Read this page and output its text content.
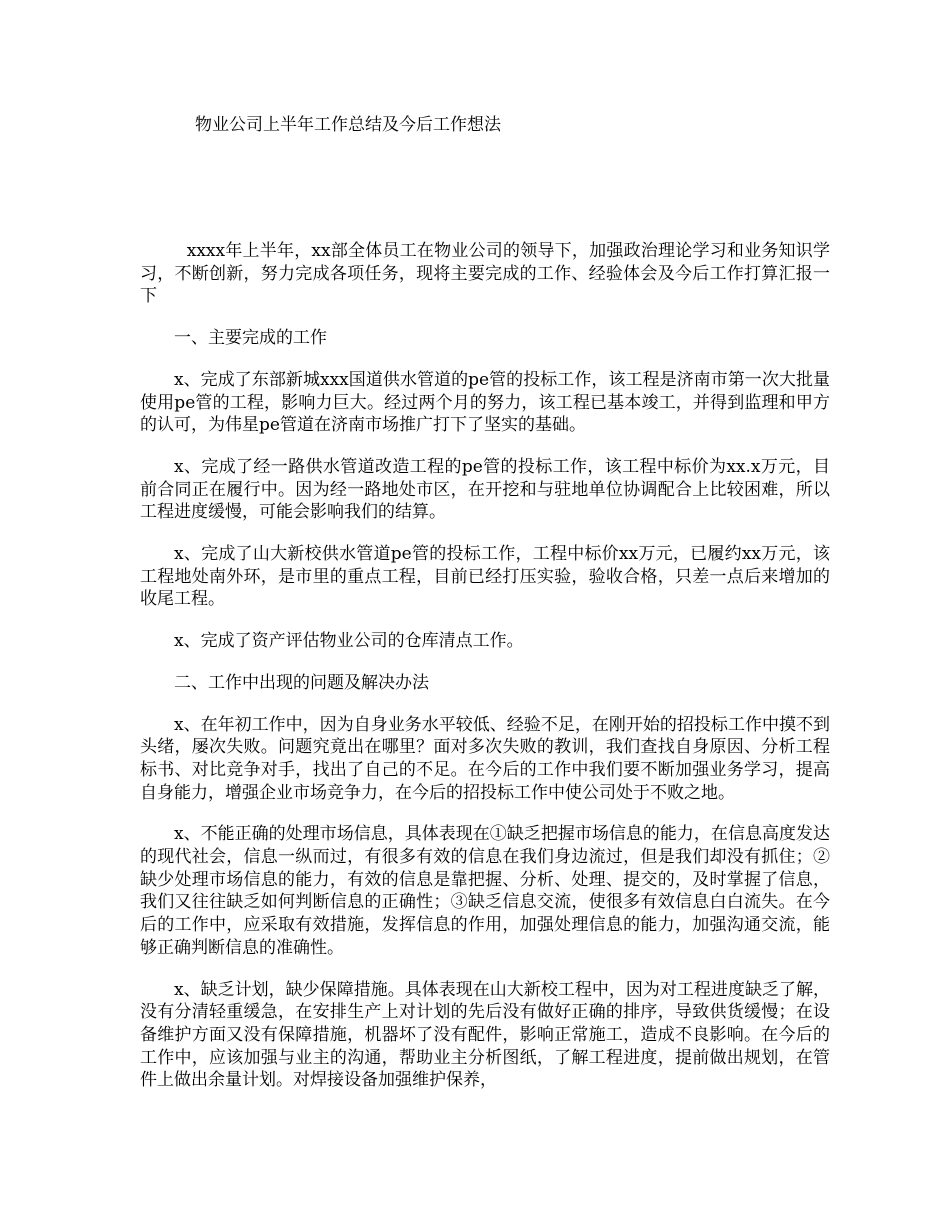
物业公司上半年工作总结及今后工作想法

xxxx年上半年，xx部全体员工在物业公司的领导下，加强政治理论学习和业务知识学习，不断创新，努力完成各项任务，现将主要完成的工作、经验体会及今后工作打算汇报一下

一、主要完成的工作

x、完成了东部新城xxx国道供水管道的pe管的投标工作，该工程是济南市第一次大批量使用pe管的工程，影响力巨大。经过两个月的努力，该工程已基本竣工，并得到监理和甲方的认可，为伟星pe管道在济南市场推广打下了坚实的基础。

x、完成了经一路供水管道改造工程的pe管的投标工作，该工程中标价为xx.x万元，目前合同正在履行中。因为经一路地处市区，在开挖和与驻地单位协调配合上比较困难，所以工程进度缓慢，可能会影响我们的结算。

x、完成了山大新校供水管道pe管的投标工作，工程中标价xx万元，已履约xx万元，该工程地处南外环，是市里的重点工程，目前已经打压实验，验收合格，只差一点后来增加的收尾工程。

x、完成了资产评估物业公司的仓库清点工作。

二、工作中出现的问题及解决办法

x、在年初工作中，因为自身业务水平较低、经验不足，在刚开始的招投标工作中摸不到头绪，屡次失败。问题究竟出在哪里？面对多次失败的教训，我们查找自身原因、分析工程标书、对比竞争对手，找出了自己的不足。在今后的工作中我们要不断加强业务学习，提高自身能力，增强企业市场竞争力，在今后的招投标工作中使公司处于不败之地。

x、不能正确的处理市场信息，具体表现在①缺乏把握市场信息的能力，在信息高度发达的现代社会，信息一纵而过，有很多有效的信息在我们身边流过，但是我们却没有抓住；②缺少处理市场信息的能力，有效的信息是靠把握、分析、处理、提交的，及时掌握了信息，我们又往往缺乏如何判断信息的正确性；③缺乏信息交流，使很多有效信息白白流失。在今后的工作中，应采取有效措施，发挥信息的作用，加强处理信息的能力，加强沟通交流，能够正确判断信息的准确性。

x、缺乏计划，缺少保障措施。具体表现在山大新校工程中，因为对工程进度缺乏了解，没有分清轻重缓急，在安排生产上对计划的先后没有做好正确的排序，导致供货缓慢；在设备维护方面又没有保障措施，机器坏了没有配件，影响正常施工，造成不良影响。在今后的工作中，应该加强与业主的沟通，帮助业主分析图纸，了解工程进度，提前做出规划，在管件上做出余量计划。对焊接设备加强维护保养，
